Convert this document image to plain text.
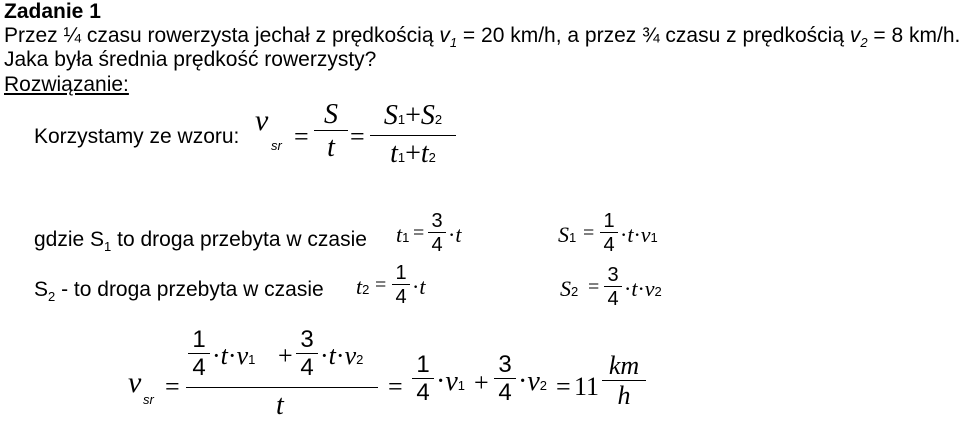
Zadanie 1
Przez ¼ czasu rowerzysta jechał z prędkością $v_1 = 20$ km/h, a przez ¾ czasu z prędkością $v_2 = 8$ km/h.
Jaka była średnia prędkość rowerzysty?
Rozwiązanie:
Korzystamy ze wzoru: v
sr =
S
t =
S1+S2
t1+t2
gdzie $S_1$ to droga przebyta w czasie t1 =
3
4 ·t	S1 =
1
4 ·t·v1
$S_2$ - to droga przebyta w czasie t2 =
1
4 ·t	S2 =
3
4 ·t·v2
v
sr =
1
4 ·t·v1 +
3
4 ·t·v2
t
=
1
4 ·v1 +
3
4 ·v2 = 11
km
h
